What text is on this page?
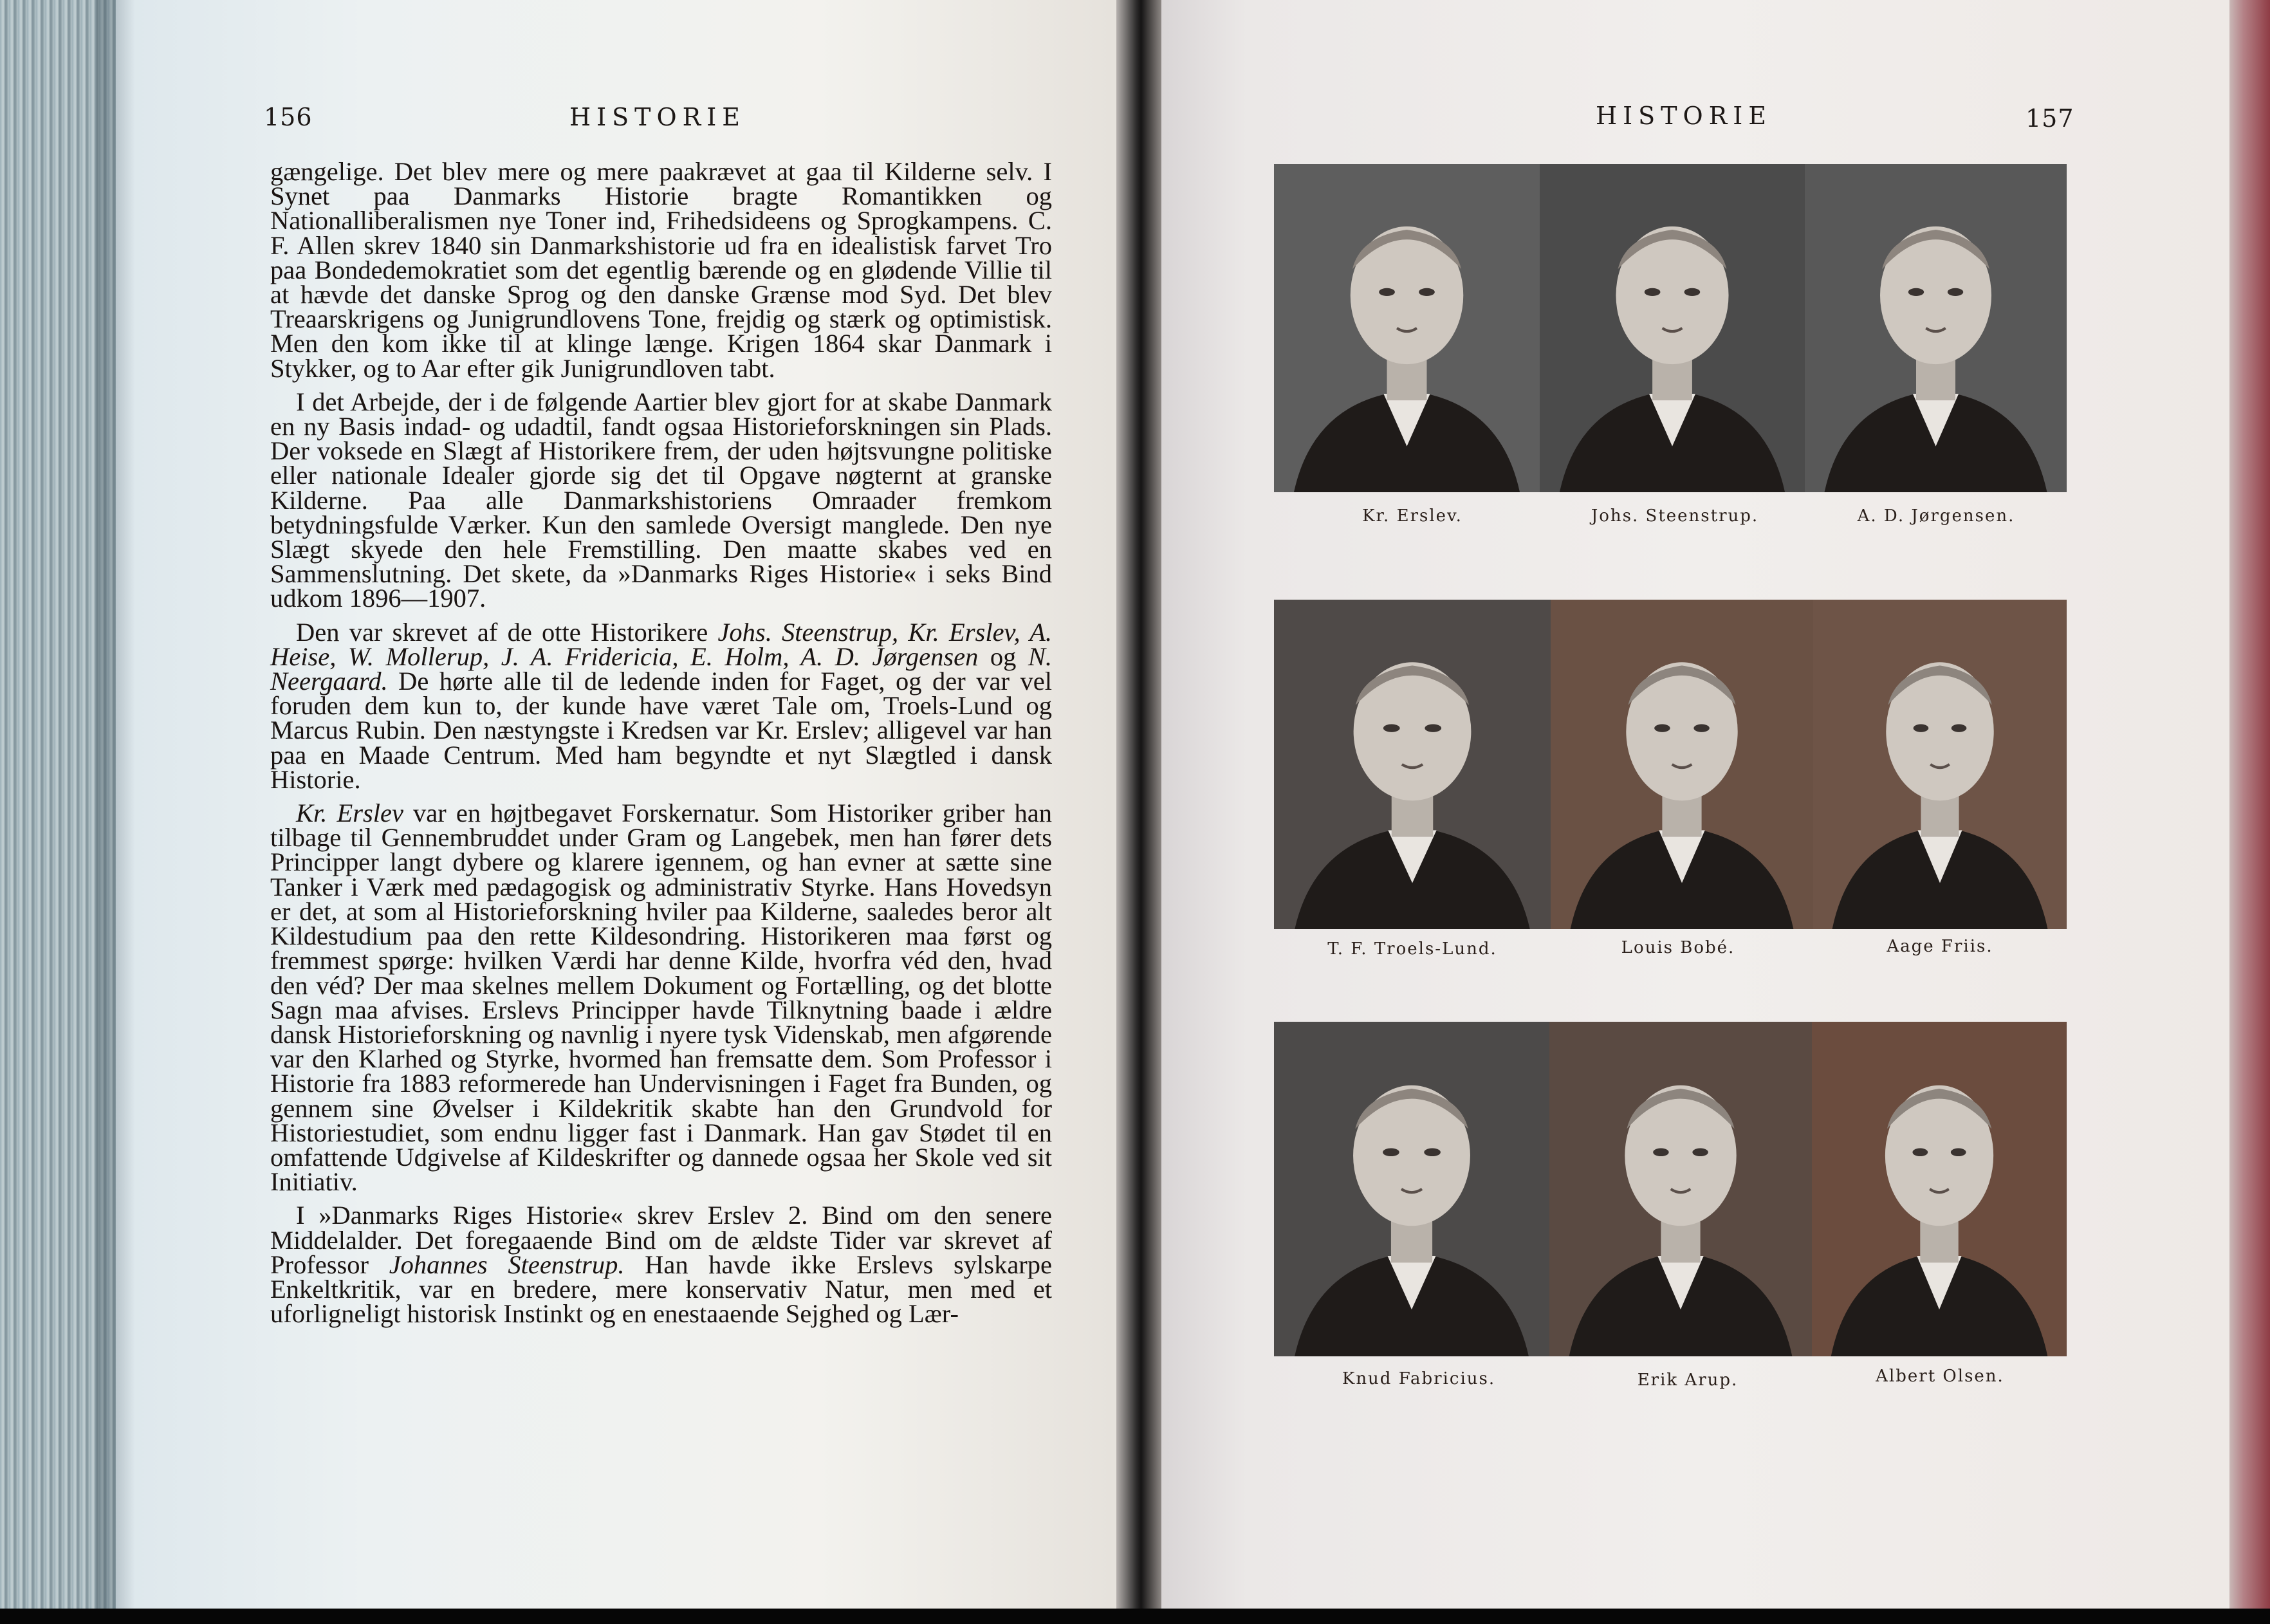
156	HISTORIE

gængelige. Det blev mere og mere paakrævet at gaa til Kilderne selv. I Synet paa Danmarks Historie bragte Romantikken og Nationalliberalismen nye Toner ind, Frihedsideens og Sprogkampens. C. F. Allen skrev 1840 sin Danmarkshistorie ud fra en idealistisk farvet Tro paa Bondedemokratiet som det egentlig bærende og en glødende Villie til at hævde det danske Sprog og den danske Grænse mod Syd. Det blev Treaarskrigens og Junigrundlovens Tone, frejdig og stærk og optimistisk. Men den kom ikke til at klinge længe. Krigen 1864 skar Danmark i Stykker, og to Aar efter gik Junigrundloven tabt.

I det Arbejde, der i de følgende Aartier blev gjort for at skabe Danmark en ny Basis indad- og udadtil, fandt ogsaa Historieforskningen sin Plads. Der voksede en Slægt af Historikere frem, der uden højtsvungne politiske eller nationale Idealer gjorde sig det til Opgave nøgternt at granske Kilderne. Paa alle Danmarkshistoriens Omraader fremkom betydningsfulde Værker. Kun den samlede Oversigt manglede. Den nye Slægt skyede den hele Fremstilling. Den maatte skabes ved en Sammenslutning. Det skete, da »Danmarks Riges Historie« i seks Bind udkom 1896—1907.

Den var skrevet af de otte Historikere Johs. Steenstrup, Kr. Erslev, A. Heise, W. Mollerup, J. A. Fridericia, E. Holm, A. D. Jørgensen og N. Neergaard. De hørte alle til de ledende inden for Faget, og der var vel foruden dem kun to, der kunde have været Tale om, Troels-Lund og Marcus Rubin. Den næstyngste i Kredsen var Kr. Erslev; alligevel var han paa en Maade Centrum. Med ham begyndte et nyt Slægtled i dansk Historie.

Kr. Erslev var en højtbegavet Forskernatur. Som Historiker griber han tilbage til Gennembruddet under Gram og Langebek, men han fører dets Principper langt dybere og klarere igennem, og han evner at sætte sine Tanker i Værk med pædagogisk og administrativ Styrke. Hans Hovedsyn er det, at som al Historieforskning hviler paa Kilderne, saaledes beror alt Kildestudium paa den rette Kildesondring. Historikeren maa først og fremmest spørge: hvilken Værdi har denne Kilde, hvorfra véd den, hvad den véd? Der maa skelnes mellem Dokument og Fortælling, og det blotte Sagn maa afvises. Erslevs Principper havde Tilknytning baade i ældre dansk Historieforskning og navnlig i nyere tysk Videnskab, men afgørende var den Klarhed og Styrke, hvormed han fremsatte dem. Som Professor i Historie fra 1883 reformerede han Undervisningen i Faget fra Bunden, og gennem sine Øvelser i Kildekritik skabte han den Grundvold for Historiestudiet, som endnu ligger fast i Danmark. Han gav Stødet til en omfattende Udgivelse af Kildeskrifter og dannede ogsaa her Skole ved sit Initiativ.

I »Danmarks Riges Historie« skrev Erslev 2. Bind om den senere Middelalder. Det foregaaende Bind om de ældste Tider var skrevet af Professor Johannes Steenstrup. Han havde ikke Erslevs sylskarpe Enkeltkritik, var en bredere, mere konservativ Natur, men med et uforligneligt historisk Instinkt og en enestaaende Sejghed og Lær-

HISTORIE	157
Kr. Erslev.	Johs. Steenstrup.	A. D. Jørgensen.
T. F. Troels-Lund.	Louis Bobé.	Aage Friis.
Knud Fabricius.	Erik Arup.	Albert Olsen.
